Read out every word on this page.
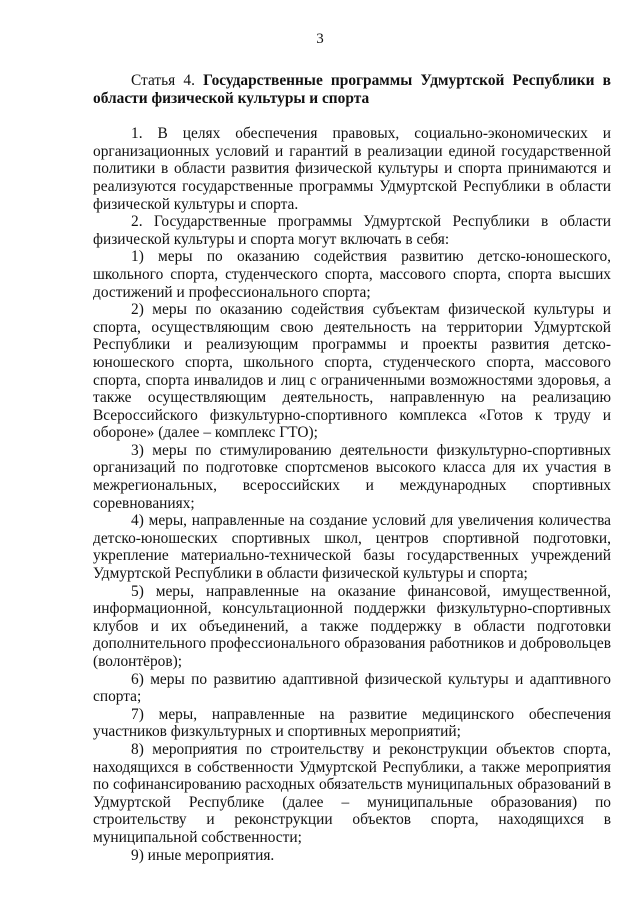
3

Статья 4. Государственные программы Удмуртской Республики в области физической культуры и спорта

1. В целях обеспечения правовых, социально-экономических и организационных условий и гарантий в реализации единой государственной политики в области развития физической культуры и спорта принимаются и реализуются государственные программы Удмуртской Республики в области физической культуры и спорта.

2. Государственные программы Удмуртской Республики в области физической культуры и спорта могут включать в себя:

1) меры по оказанию содействия развитию детско-юношеского, школьного спорта, студенческого спорта, массового спорта, спорта высших достижений и профессионального спорта;

2) меры по оказанию содействия субъектам физической культуры и спорта, осуществляющим свою деятельность на территории Удмуртской Республики и реализующим программы и проекты развития детско-юношеского спорта, школьного спорта, студенческого спорта, массового спорта, спорта инвалидов и лиц с ограниченными возможностями здоровья, а также осуществляющим деятельность, направленную на реализацию Всероссийского физкультурно-спортивного комплекса «Готов к труду и обороне» (далее – комплекс ГТО);

3) меры по стимулированию деятельности физкультурно-спортивных организаций по подготовке спортсменов высокого класса для их участия в межрегиональных, всероссийских и международных спортивных соревнованиях;

4) меры, направленные на создание условий для увеличения количества детско-юношеских спортивных школ, центров спортивной подготовки, укрепление материально-технической базы государственных учреждений Удмуртской Республики в области физической культуры и спорта;

5) меры, направленные на оказание финансовой, имущественной, информационной, консультационной поддержки физкультурно-спортивных клубов и их объединений, а также поддержку в области подготовки дополнительного профессионального образования работников и добровольцев (волонтёров);

6) меры по развитию адаптивной физической культуры и адаптивного спорта;

7) меры, направленные на развитие медицинского обеспечения участников физкультурных и спортивных мероприятий;

8) мероприятия по строительству и реконструкции объектов спорта, находящихся в собственности Удмуртской Республики, а также мероприятия по софинансированию расходных обязательств муниципальных образований в Удмуртской Республике (далее – муниципальные образования) по строительству и реконструкции объектов спорта, находящихся в муниципальной собственности;

9) иные мероприятия.
